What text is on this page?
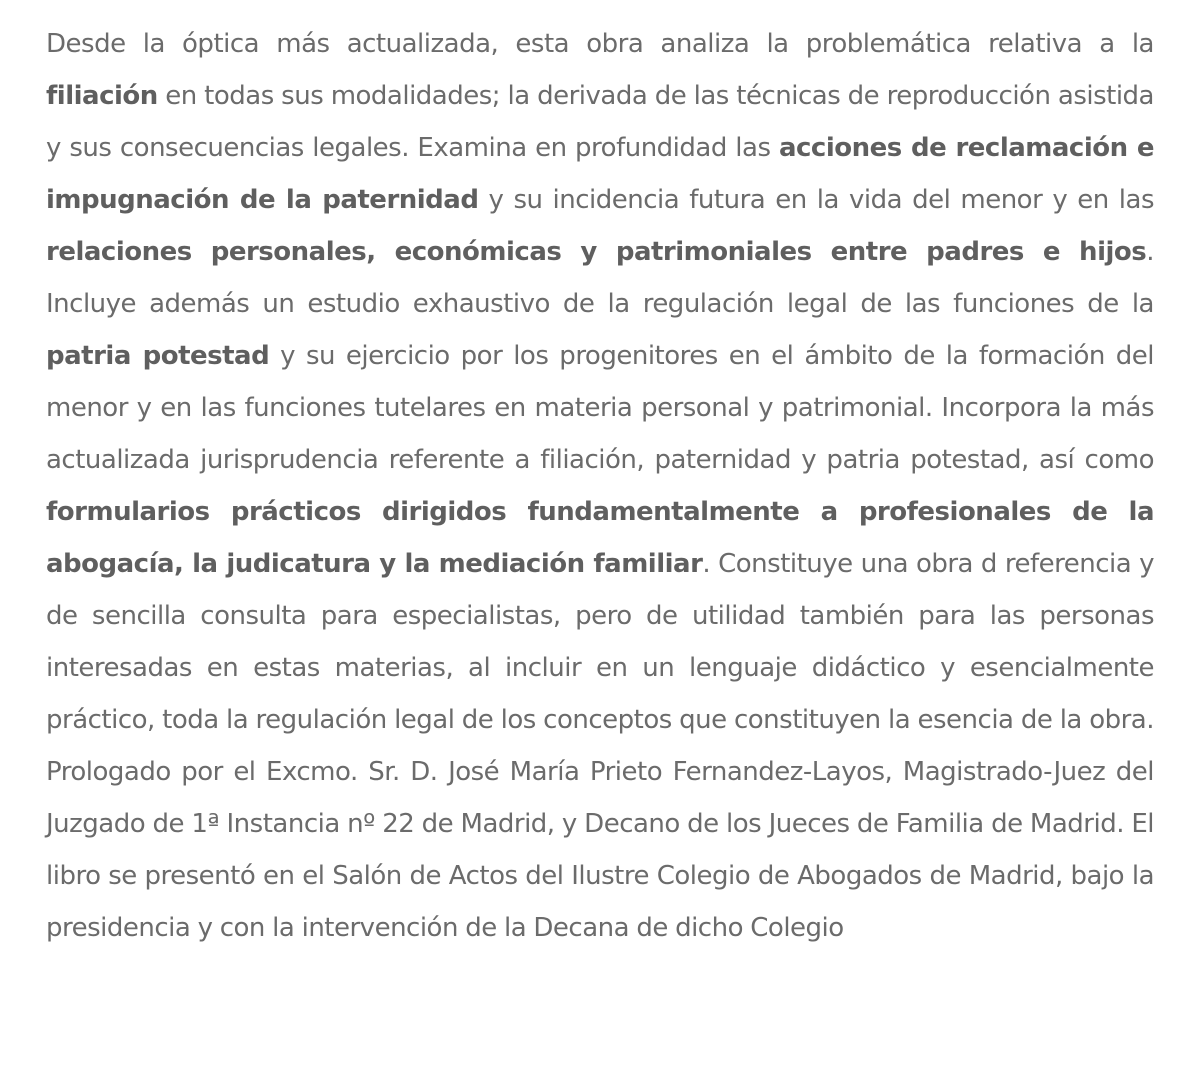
Desde la óptica más actualizada, esta obra analiza la problemática relativa a la filiación en todas sus modalidades; la derivada de las técnicas de reproducción asistida y sus consecuencias legales. Examina en profundidad las acciones de reclamación e impugnación de la paternidad y su incidencia futura en la vida del menor y en las relaciones personales, económicas y patrimoniales entre padres e hijos. Incluye además un estudio exhaustivo de la regulación legal de las funciones de la patria potestad y su ejercicio por los progenitores en el ámbito de la formación del menor y en las funciones tutelares en materia personal y patrimonial. Incorpora la más actualizada jurisprudencia referente a filiación, paternidad y patria potestad, así como formularios prácticos dirigidos fundamentalmente a profesionales de la abogacía, la judicatura y la mediación familiar. Constituye una obra d referencia y de sencilla consulta para especialistas, pero de utilidad también para las personas interesadas en estas materias, al incluir en un lenguaje didáctico y esencialmente práctico, toda la regulación legal de los conceptos que constituyen la esencia de la obra. Prologado por el Excmo. Sr. D. José María Prieto Fernandez-Layos, Magistrado-Juez del Juzgado de 1ª Instancia nº 22 de Madrid, y Decano de los Jueces de Familia de Madrid. El libro se presentó en el Salón de Actos del Ilustre Colegio de Abogados de Madrid, bajo la presidencia y con la intervención de la Decana de dicho Colegio
